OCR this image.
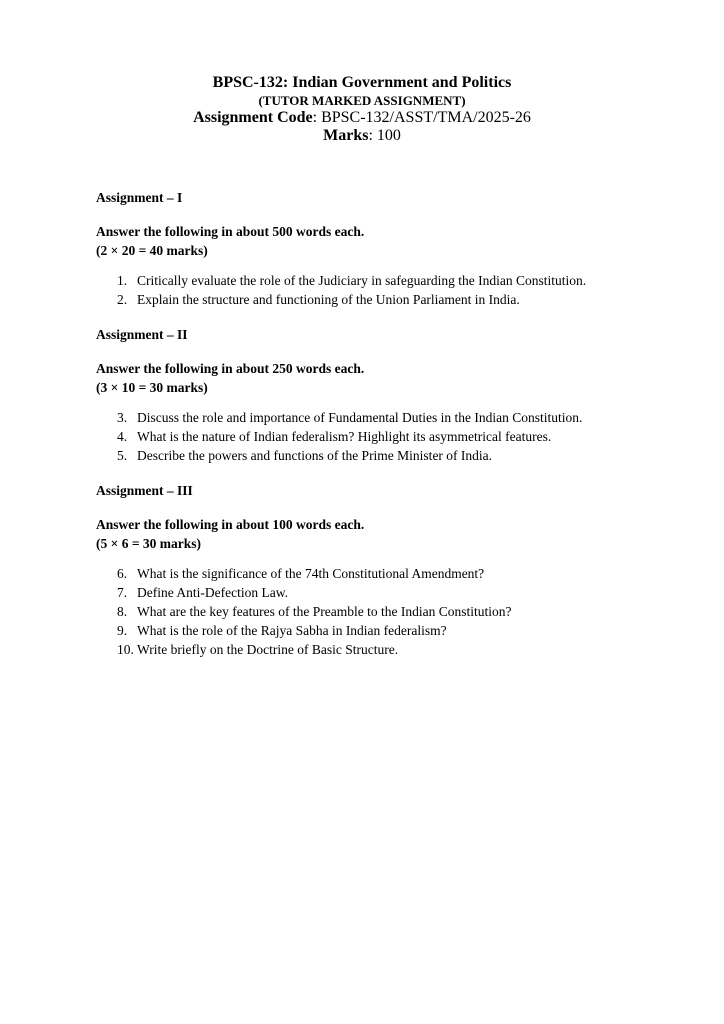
BPSC-132: Indian Government and Politics
(TUTOR MARKED ASSIGNMENT)
Assignment Code: BPSC-132/ASST/TMA/2025-26
Marks: 100
Assignment – I
Answer the following in about 500 words each.
(2 × 20 = 40 marks)
1. Critically evaluate the role of the Judiciary in safeguarding the Indian Constitution.
2. Explain the structure and functioning of the Union Parliament in India.
Assignment – II
Answer the following in about 250 words each.
(3 × 10 = 30 marks)
3. Discuss the role and importance of Fundamental Duties in the Indian Constitution.
4. What is the nature of Indian federalism? Highlight its asymmetrical features.
5. Describe the powers and functions of the Prime Minister of India.
Assignment – III
Answer the following in about 100 words each.
(5 × 6 = 30 marks)
6. What is the significance of the 74th Constitutional Amendment?
7. Define Anti-Defection Law.
8. What are the key features of the Preamble to the Indian Constitution?
9. What is the role of the Rajya Sabha in Indian federalism?
10. Write briefly on the Doctrine of Basic Structure.
